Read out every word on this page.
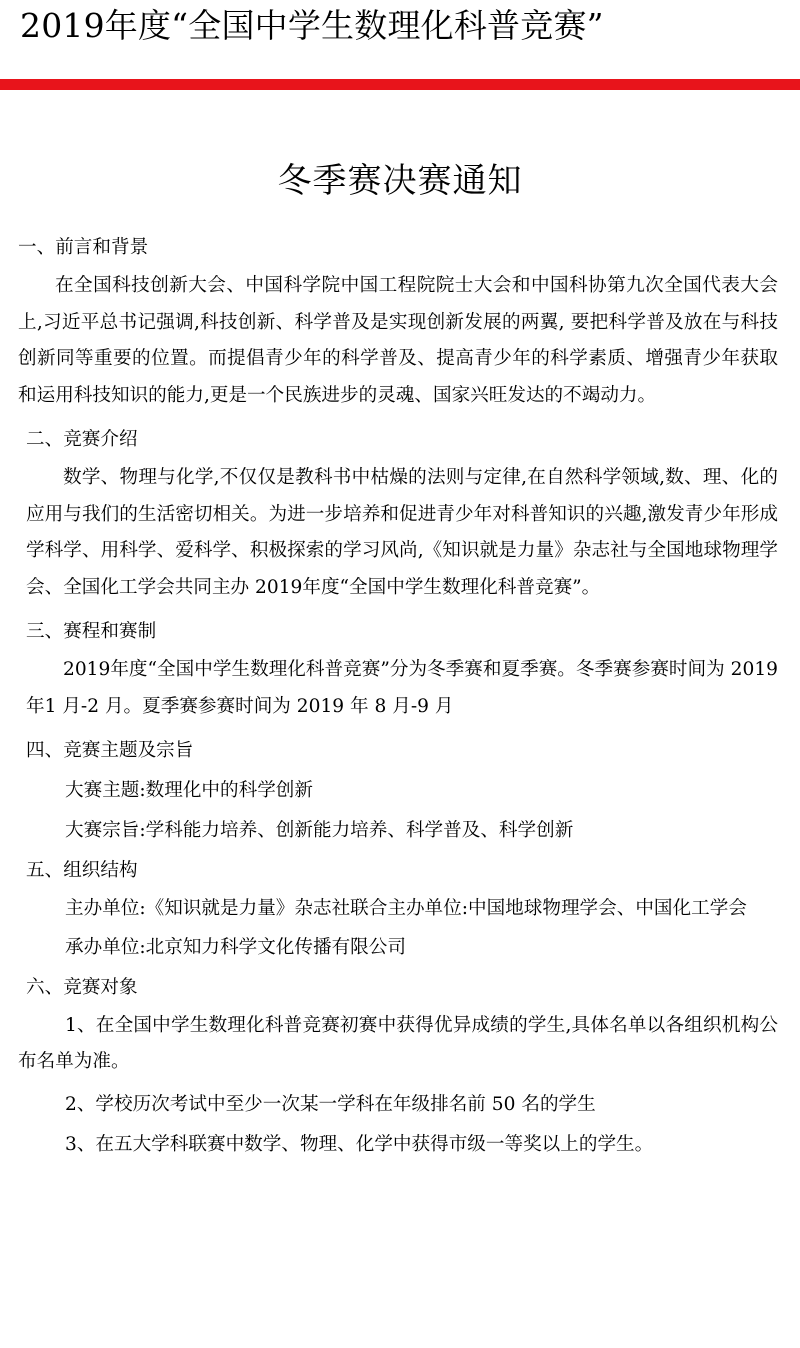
2019年度“全国中学生数理化科普竞赛”
冬季赛决赛通知

一、前言和背景

在全国科技创新大会、中国科学院中国工程院院士大会和中国科协第九次全国代表大会上,习近平总书记强调,科技创新、科学普及是实现创新发展的两翼, 要把科学普及放在与科技创新同等重要的位置。而提倡青少年的科学普及、提高青少年的科学素质、增强青少年获取和运用科技知识的能力,更是一个民族进步的灵魂、国家兴旺发达的不竭动力。

二、竞赛介绍

数学、物理与化学,不仅仅是教科书中枯燥的法则与定律,在自然科学领域,数、理、化的应用与我们的生活密切相关。为进一步培养和促进青少年对科普知识的兴趣,激发青少年形成学科学、用科学、爱科学、积极探索的学习风尚,《知识就是力量》杂志社与全国地球物理学会、全国化工学会共同主办 2019年度“全国中学生数理化科普竞赛”。

三、赛程和赛制

2019年度“全国中学生数理化科普竞赛”分为冬季赛和夏季赛。冬季赛参赛时间为 2019 年1 月-2 月。夏季赛参赛时间为 2019 年 8 月-9 月

四、竞赛主题及宗旨

大赛主题:数理化中的科学创新

大赛宗旨:学科能力培养、创新能力培养、科学普及、科学创新

五、组织结构

主办单位:《知识就是力量》杂志社联合主办单位:中国地球物理学会、中国化工学会

承办单位:北京知力科学文化传播有限公司

六、竞赛对象

1、在全国中学生数理化科普竞赛初赛中获得优异成绩的学生,具体名单以各组织机构公布名单为准。

2、学校历次考试中至少一次某一学科在年级排名前 50 名的学生

3、在五大学科联赛中数学、物理、化学中获得市级一等奖以上的学生。
